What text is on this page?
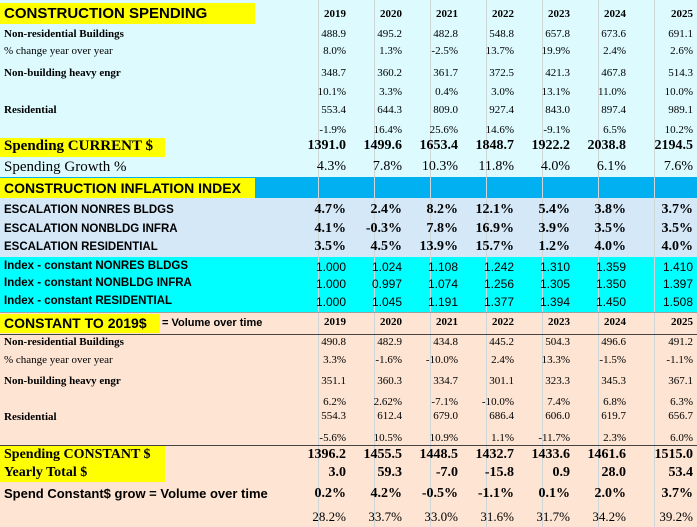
CONSTRUCTION SPENDING	2019	2020	2021	2022	2023	2024	2025
Non-residential Buildings	488.9	495.2	482.8	548.8	657.8	673.6	691.1
% change year over year	8.0%	1.3%	-2.5%	13.7%	19.9%	2.4%	2.6%
Non-building heavy engr	348.7	360.2	361.7	372.5	421.3	467.8	514.3
10.1%	3.3%	0.4%	3.0%	13.1%	11.0%	10.0%
Residential	553.4	644.3	809.0	927.4	843.0	897.4	989.1
-1.9%	16.4%	25.6%	14.6%	-9.1%	6.5%	10.2%
Spending CURRENT $	1391.0	1499.6	1653.4	1848.7	1922.2	2038.8	2194.5
Spending Growth %	4.3%	7.8%	10.3%	11.8%	4.0%	6.1%	7.6%
CONSTRUCTION INFLATION INDEX
ESCALATION NONRES BLDGS	4.7%	2.4%	8.2%	12.1%	5.4%	3.8%	3.7%
ESCALATION NONBLDG INFRA	4.1%	-0.3%	7.8%	16.9%	3.9%	3.5%	3.5%
ESCALATION RESIDENTIAL	3.5%	4.5%	13.9%	15.7%	1.2%	4.0%	4.0%
Index - constant NONRES BLDGS	1.000	1.024	1.108	1.242	1.310	1.359	1.410
Index - constant NONBLDG INFRA	1.000	0.997	1.074	1.256	1.305	1.350	1.397
Index - constant RESIDENTIAL	1.000	1.045	1.191	1.377	1.394	1.450	1.508
CONSTANT TO 2019$ = Volume over time	2019	2020	2021	2022	2023	2024	2025
Non-residential Buildings	490.8	482.9	434.8	445.2	504.3	496.6	491.2
% change year over year	3.3%	-1.6%	-10.0%	2.4%	13.3%	-1.5%	-1.1%
Non-building heavy engr	351.1	360.3	334.7	301.1	323.3	345.3	367.1
6.2%	2.62%	-7.1%	-10.0%	7.4%	6.8%	6.3%
Residential	554.3	612.4	679.0	686.4	606.0	619.7	656.7
-5.6%	10.5%	10.9%	1.1%	-11.7%	2.3%	6.0%
Spending CONSTANT $	1396.2	1455.5	1448.5	1432.7	1433.6	1461.6	1515.0
Yearly Total $	3.0	59.3	-7.0	-15.8	0.9	28.0	53.4
Spend Constant$ grow = Volume over time	0.2%	4.2%	-0.5%	-1.1%	0.1%	2.0%	3.7%
28.2%	33.7%	33.0%	31.6%	31.7%	34.2%	39.2%
